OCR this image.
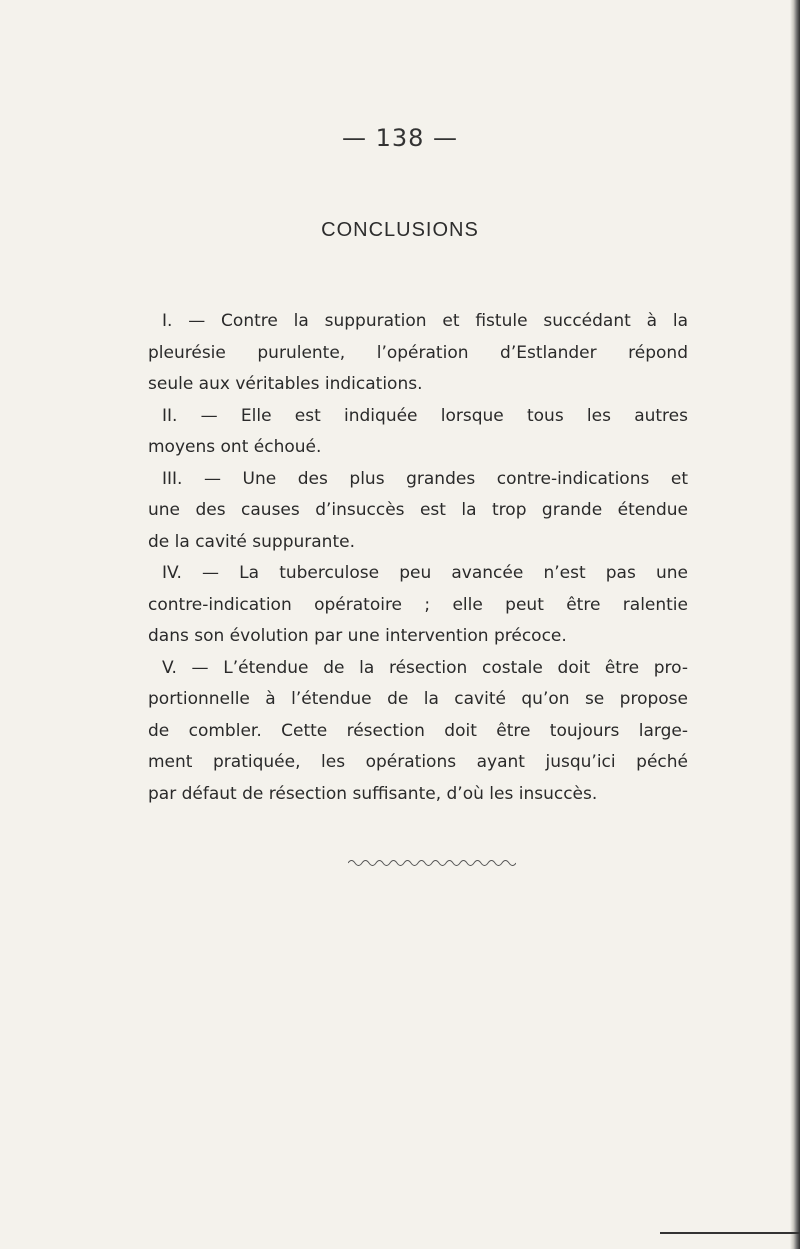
— 138 —
CONCLUSIONS
I. — Contre la suppuration et fistule succédant à la
pleurésie purulente, l’opération d’Estlander répond
seule aux véritables indications.
II. — Elle est indiquée lorsque tous les autres
moyens ont échoué.
III. — Une des plus grandes contre-indications et
une des causes d’insuccès est la trop grande étendue
de la cavité suppurante.
IV. — La tuberculose peu avancée n’est pas une
contre-indication opératoire ; elle peut être ralentie
dans son évolution par une intervention précoce.
V. — L’étendue de la résection costale doit être pro-
portionnelle à l’étendue de la cavité qu’on se propose
de combler. Cette résection doit être toujours large-
ment pratiquée, les opérations ayant jusqu’ici péché
par défaut de résection suffisante, d’où les insuccès.
